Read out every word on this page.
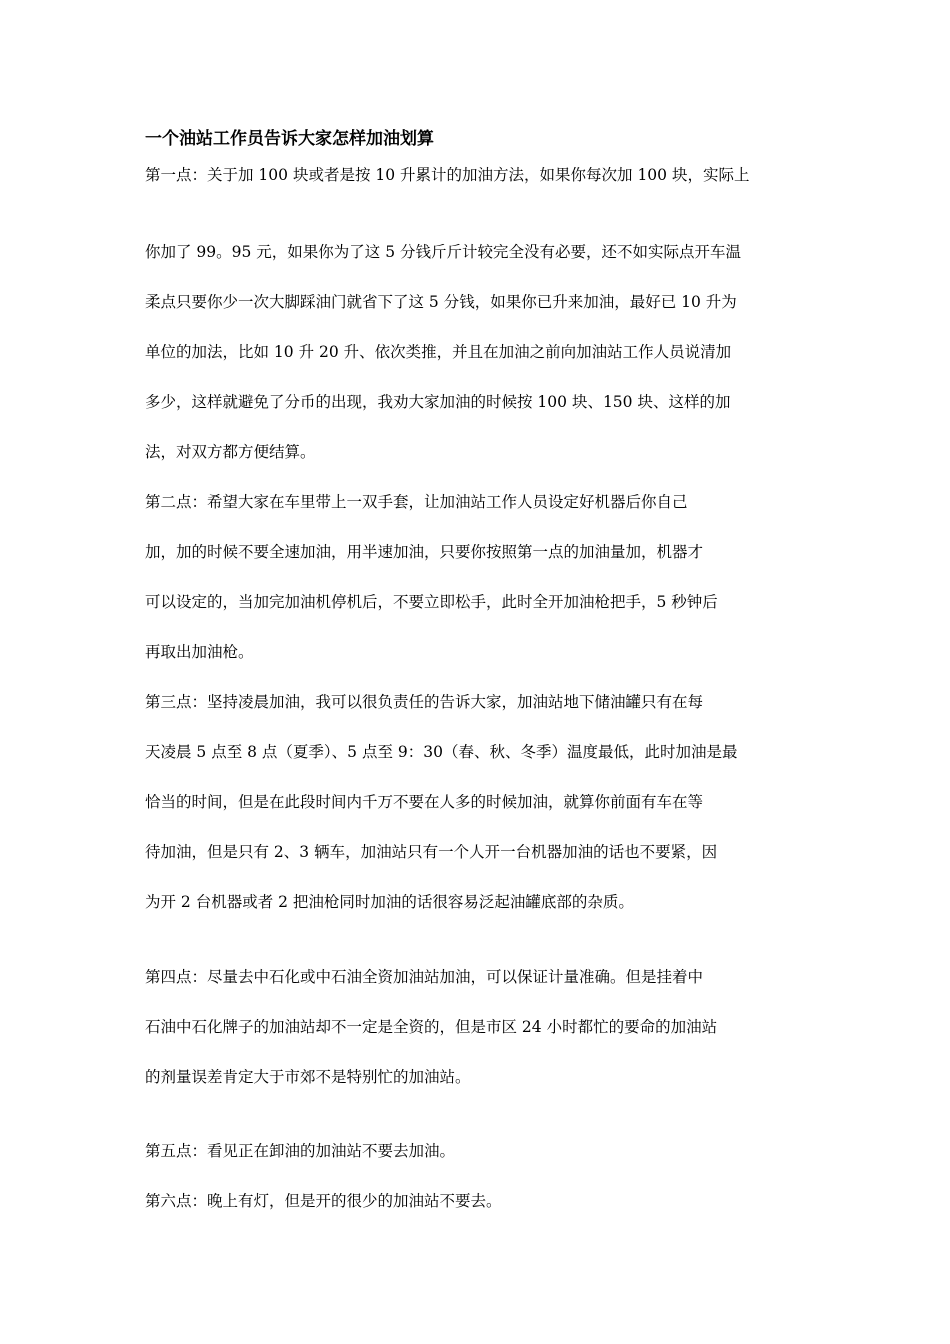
一个油站工作员告诉大家怎样加油划算

第一点：关于加 100 块或者是按 10 升累计的加油方法，如果你每次加 100 块，实际上

你加了 99。95 元，如果你为了这 5 分钱斤斤计较完全没有必要，还不如实际点开车温

柔点只要你少一次大脚踩油门就省下了这 5 分钱，如果你已升来加油，最好已 10 升为

单位的加法，比如 10 升 20 升、依次类推，并且在加油之前向加油站工作人员说清加

多少，这样就避免了分币的出现，我劝大家加油的时候按 100 块、150 块、这样的加

法，对双方都方便结算。

第二点：希望大家在车里带上一双手套，让加油站工作人员设定好机器后你自己

加，加的时候不要全速加油，用半速加油，只要你按照第一点的加油量加，机器才

可以设定的，当加完加油机停机后，不要立即松手，此时全开加油枪把手，5 秒钟后

再取出加油枪。

第三点：坚持凌晨加油，我可以很负责任的告诉大家，加油站地下储油罐只有在每

天凌晨 5 点至 8 点（夏季）、5 点至 9：30（春、秋、冬季）温度最低，此时加油是最

恰当的时间，但是在此段时间内千万不要在人多的时候加油，就算你前面有车在等

待加油，但是只有 2、3 辆车，加油站只有一个人开一台机器加油的话也不要紧，因

为开 2 台机器或者 2 把油枪同时加油的话很容易泛起油罐底部的杂质。

第四点：尽量去中石化或中石油全资加油站加油，可以保证计量准确。但是挂着中

石油中石化牌子的加油站却不一定是全资的，但是市区 24 小时都忙的要命的加油站

的剂量误差肯定大于市郊不是特别忙的加油站。

第五点：看见正在卸油的加油站不要去加油。

第六点：晚上有灯，但是开的很少的加油站不要去。
